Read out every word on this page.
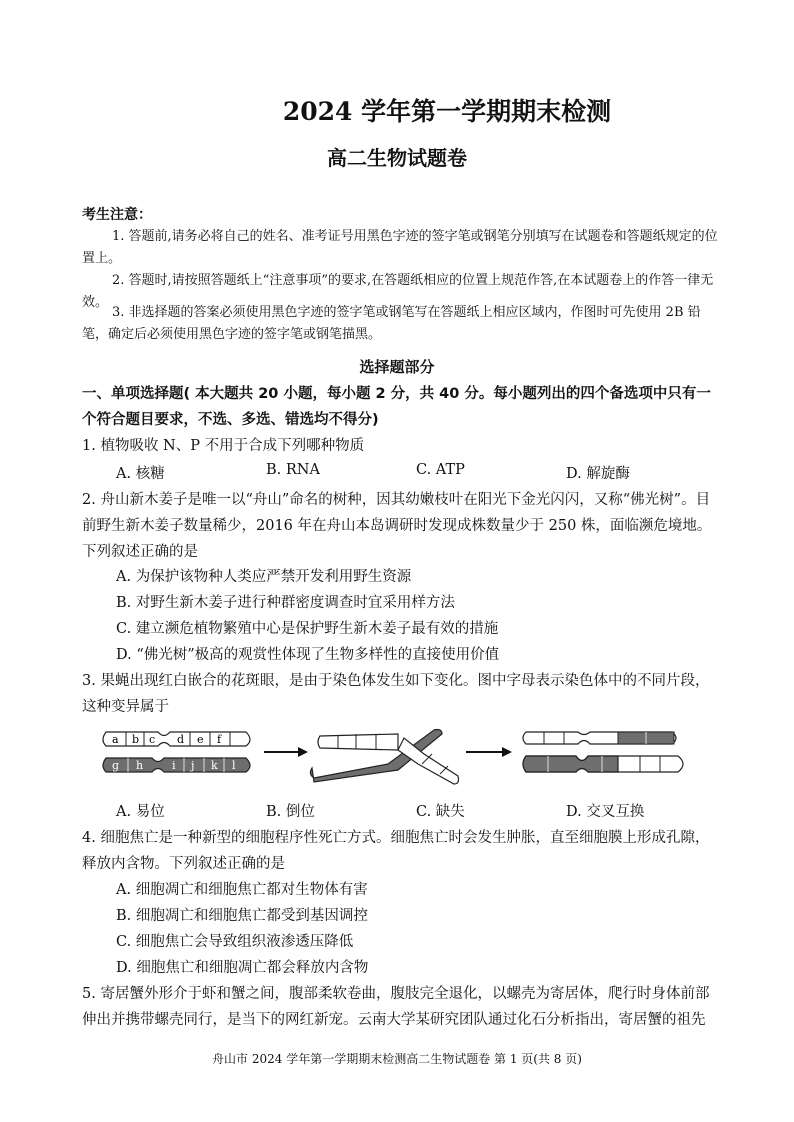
2024 学年第一学期期末检测
高二生物试题卷
考生注意：
1. 答题前,请务必将自己的姓名、准考证号用黑色字迹的签字笔或钢笔分别填写在试题卷和答题纸规定的位置上。
2. 答题时,请按照答题纸上“注意事项”的要求,在答题纸相应的位置上规范作答,在本试题卷上的作答一律无效。
3. 非选择题的答案必须使用黑色字迹的签字笔或钢笔写在答题纸上相应区域内，作图时可先使用 2B 铅笔，确定后必须使用黑色字迹的签字笔或钢笔描黑。
选择题部分
一、单项选择题( 本大题共 20 小题，每小题 2 分，共 40 分。每小题列出的四个备选项中只有一个符合题目要求，不选、多选、错选均不得分)
1. 植物吸收 N、P 不用于合成下列哪种物质
A. 核糖	B. RNA	C. ATP	D. 解旋酶
2. 舟山新木姜子是唯一以“舟山”命名的树种，因其幼嫩枝叶在阳光下金光闪闪，又称“佛光树”。目前野生新木姜子数量稀少，2016 年在舟山本岛调研时发现成株数量少于 250 株，面临濒危境地。下列叙述正确的是
A. 为保护该物种人类应严禁开发利用野生资源
B. 对野生新木姜子进行种群密度调查时宜采用样方法
C. 建立濒危植物繁殖中心是保护野生新木姜子最有效的措施
D. “佛光树”极高的观赏性体现了生物多样性的直接使用价值
3. 果蝇出现红白嵌合的花斑眼，是由于染色体发生如下变化。图中字母表示染色体中的不同片段，这种变异属于
a b c d e f
g h	i j k l
A. 易位	B. 倒位	C. 缺失	D. 交叉互换
4. 细胞焦亡是一种新型的细胞程序性死亡方式。细胞焦亡时会发生肿胀，直至细胞膜上形成孔隙，释放内含物。下列叙述正确的是
A. 细胞凋亡和细胞焦亡都对生物体有害
B. 细胞凋亡和细胞焦亡都受到基因调控
C. 细胞焦亡会导致组织液渗透压降低
D. 细胞焦亡和细胞凋亡都会释放内含物
5. 寄居蟹外形介于虾和蟹之间，腹部柔软卷曲，腹肢完全退化，以螺壳为寄居体，爬行时身体前部伸出并携带螺壳同行，是当下的网红新宠。云南大学某研究团队通过化石分析指出，寄居蟹的祖先
舟山市 2024 学年第一学期期末检测高二生物试题卷 第 1 页(共 8 页)
